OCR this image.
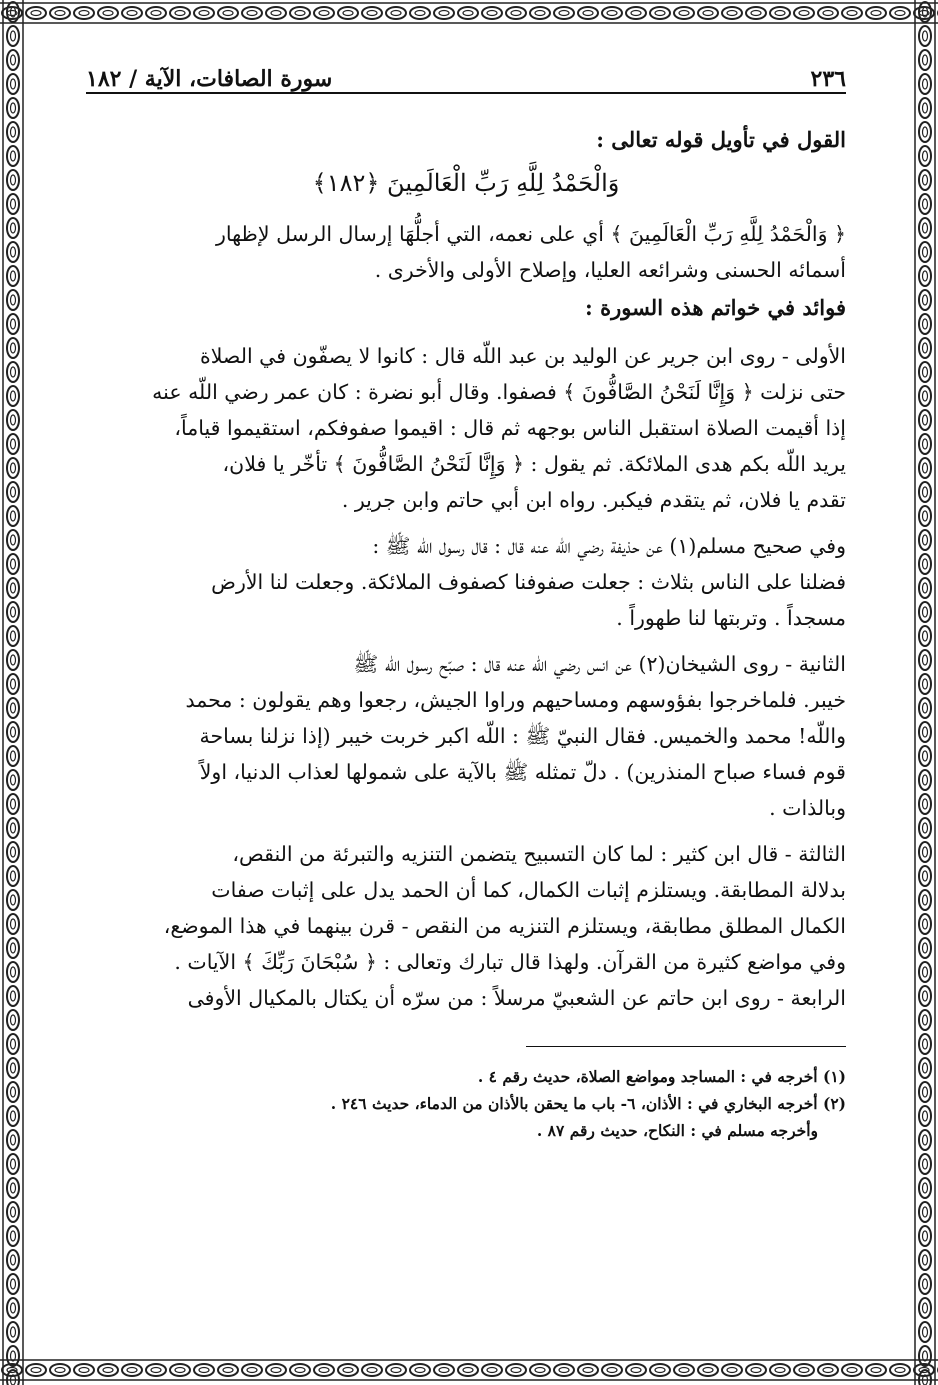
٢٣٦
سورة الصافات، الآية / ١٨٢

القول في تأويل قوله تعالى :

وَالْحَمْدُ لِلَّهِ رَبِّ الْعَالَمِينَ ﴿١٨٢﴾

﴿ وَالْحَمْدُ لِلَّهِ رَبِّ الْعَالَمِينَ ﴾ أي على نعمه، التي أجلُّهَا إرسال الرسل لإظهار

أسمائه الحسنى وشرائعه العليا، وإصلاح الأولى والأخرى .

فوائد في خواتم هذه السورة :

الأولى - روى ابن جرير عن الوليد بن عبد اللّه قال : كانوا لا يصفّون في الصلاة

حتى نزلت ﴿ وَإِنَّا لَنَحْنُ الصَّافُّونَ ﴾ فصفوا. وقال أبو نضرة : كان عمر رضي اللّه عنه

إذا أقيمت الصلاة استقبل الناس بوجهه ثم قال : اقيموا صفوفكم، استقيموا قياماً،

يريد اللّه بكم هدى الملائكة. ثم يقول : ﴿ وَإِنَّا لَنَحْنُ الصَّافُّونَ ﴾ تأخّر يا فلان،

تقدم يا فلان، ثم يتقدم فيكبر. رواه ابن أبي حاتم وابن جرير .

وفي صحيح مسلم(١) عن حذيفة رضي اللّه عنه قال : قال رسول اللّه ﷺ :

فضلنا على الناس بثلاث : جعلت صفوفنا كصفوف الملائكة. وجعلت لنا الأرض

مسجداً . وتربتها لنا طهوراً .

الثانية - روى الشيخان(٢) عن انس رضي اللّه عنه قال : صبّح رسول اللّه ﷺ

خيبر. فلماخرجوا بفؤوسهم ومساحيهم وراوا الجيش، رجعوا وهم يقولون : محمد

واللّه! محمد والخميس. فقال النبيّ ﷺ : اللّه اكبر خربت خيبر (إذا نزلنا بساحة

قوم فساء صباح المنذرين) . دلّ تمثله ﷺ بالآية على شمولها لعذاب الدنيا، اولاً

وبالذات .

الثالثة - قال ابن كثير : لما كان التسبيح يتضمن التنزيه والتبرئة من النقص،

بدلالة المطابقة. ويستلزم إثبات الكمال، كما أن الحمد يدل على إثبات صفات

الكمال المطلق مطابقة، ويستلزم التنزيه من النقص - قرن بينهما في هذا الموضع،

وفي مواضع كثيرة من القرآن. ولهذا قال تبارك وتعالى : ﴿ سُبْحَانَ رَبِّكَ ﴾ الآيات .

الرابعة - روى ابن حاتم عن الشعبيّ مرسلاً : من سرّه أن يكتال بالمكيال الأوفى

(١) أخرجه في : المساجد ومواضع الصلاة، حديث رقم ٤ .

(٢) أخرجه البخاري في : الأذان، ٦- باب ما يحقن بالأذان من الدماء، حديث ٢٤٦ .

وأخرجه مسلم في : النكاح، حديث رقم ٨٧ .
